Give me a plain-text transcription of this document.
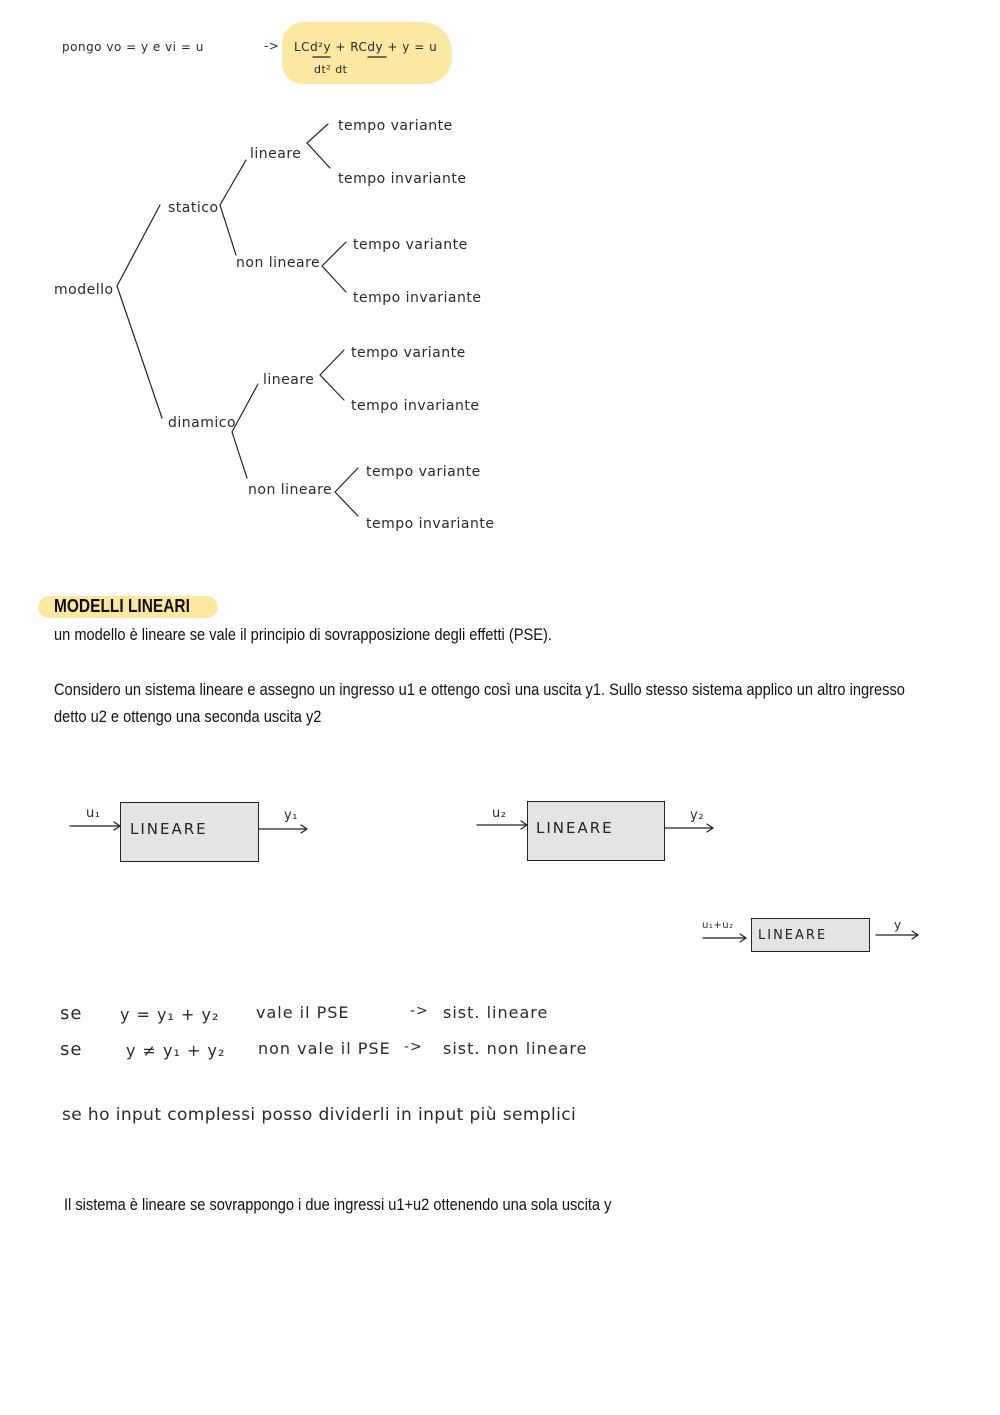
pongo vo = y e vi = u	-> LCd²y + RCdy + y = u
dt² dt
modello
statico
lineare
tempo variante
tempo invariante
non lineare
tempo variante
tempo invariante
dinamico
lineare
tempo variante
tempo invariante
non lineare
tempo variante
tempo invariante
MODELLI LINEARI
un modello è lineare se vale il principio di sovrapposizione degli effetti (PSE).
Considero un sistema lineare e assegno un ingresso u1 e ottengo così una uscita y1. Sullo stesso sistema applico un altro ingresso
detto u2 e ottengo una seconda uscita y2
LINEARE	LINEARE
LINEARE
u₁	y₁	u₂	y₂
u₁+u₂	y
se y = y₁ + y₂ vale il PSE	-> sist. lineare
se	y ≠ y₁ + y₂ non vale il PSE -> sist. non lineare
se ho input complessi posso dividerli in input più semplici
Il sistema è lineare se sovrappongo i due ingressi u1+u2 ottenendo una sola uscita y
